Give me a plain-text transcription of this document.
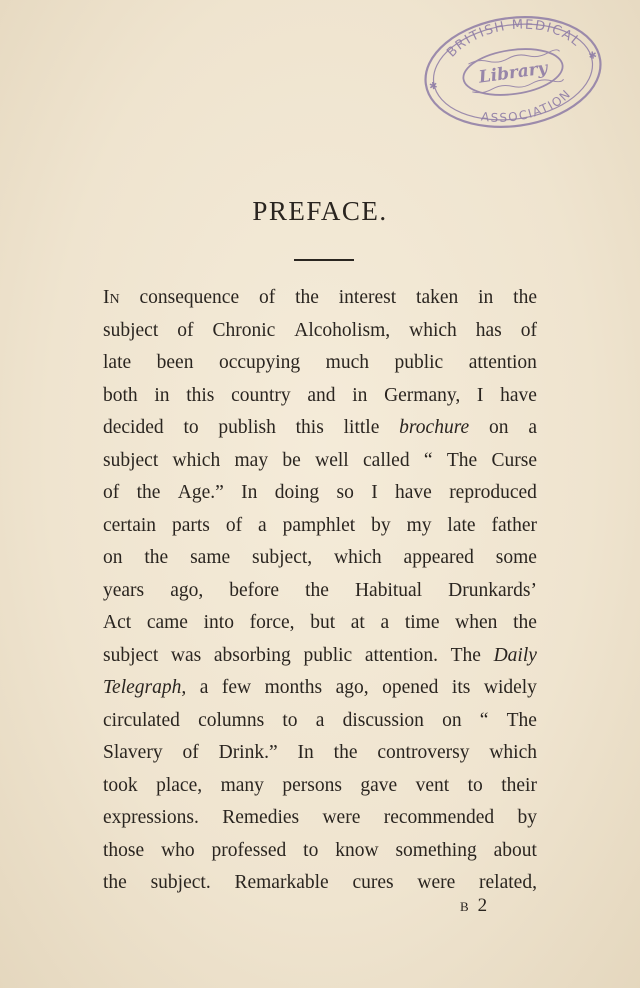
BRITISH MEDICAL
ASSOCIATION
Library
✱
✱
PREFACE.
In consequence of the interest taken in the
subject of Chronic Alcoholism, which has of
late been occupying much public attention
both in this country and in Germany, I have
decided to publish this little brochure on a
subject which may be well called “ The Curse
of the Age.” In doing so I have reproduced
certain parts of a pamphlet by my late father
on the same subject, which appeared some
years ago, before the Habitual Drunkards’
Act came into force, but at a time when the
subject was absorbing public attention. The Daily
Telegraph, a few months ago, opened its widely
circulated columns to a discussion on “ The
Slavery of Drink.” In the controversy which
took place, many persons gave vent to their
expressions. Remedies were recommended by
those who professed to know something about
the subject. Remarkable cures were related,
B 2
